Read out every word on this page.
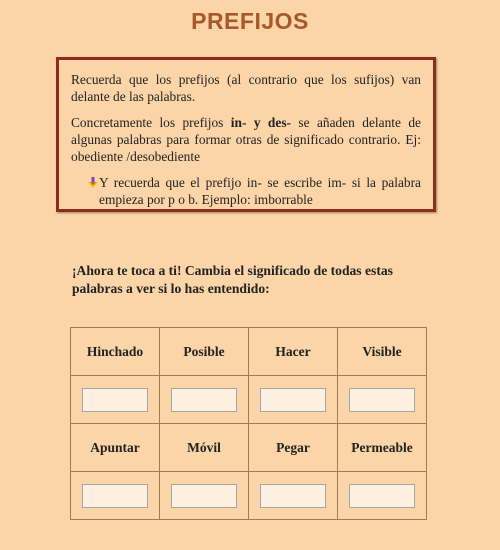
PREFIJOS

Recuerda que los prefijos (al contrario que los sufijos) van delante de las palabras.

Concretamente los prefijos in- y des- se añaden delante de algunas palabras para formar otras de significado contrario. Ej: obediente /desobediente

Y recuerda que el prefijo in- se escribe im- si la palabra empieza por p o b. Ejemplo: imborrable
¡Ahora te toca a ti! Cambia el significado de todas estas palabras a ver si lo has entendido:
Hinchado	Posible	Hacer	Visible

Apuntar	Móvil	Pegar	Permeable
